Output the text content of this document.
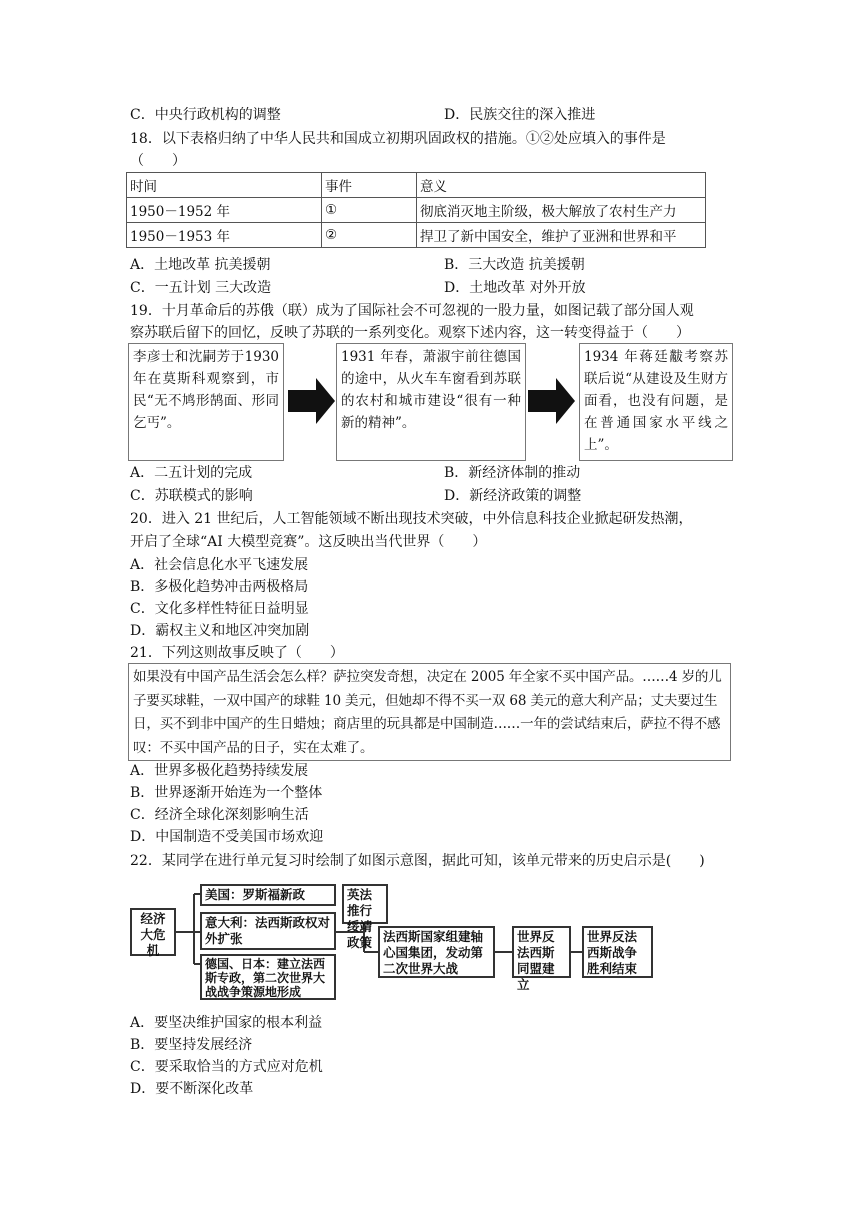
C．中央行政机构的调整	D．民族交往的深入推进
18．以下表格归纳了中华人民共和国成立初期巩固政权的措施。①②处应填入的事件是
（　　）
时间	事件	意义
1950－1952 年	①	彻底消灭地主阶级，极大解放了农村生产力
1950－1953 年	②	捍卫了新中国安全，维护了亚洲和世界和平
A．土地改革 抗美援朝	B．三大改造 抗美援朝
C．一五计划 三大改造	D．土地改革 对外开放
19．十月革命后的苏俄（联）成为了国际社会不可忽视的一股力量，如图记载了部分国人观
察苏联后留下的回忆，反映了苏联的一系列变化。观察下述内容，这一转变得益于（　　）
李彦士和沈嗣芳于1930 年在莫斯科观察到，市民“无不鸠形鹄面、形同乞丐”。
1931 年春，萧淑宇前往德国的途中，从火车车窗看到苏联的农村和城市建设“很有一种新的精神”。
1934 年蒋廷黻考察苏联后说“从建设及生财方面看，也没有问题，是在普通国家水平线之上”。
A．二五计划的完成	B．新经济体制的推动
C．苏联模式的影响	D．新经济政策的调整
20．进入 21 世纪后，人工智能领域不断出现技术突破，中外信息科技企业掀起研发热潮，
开启了全球“AI 大模型竞赛”。这反映出当代世界（　　）
A．社会信息化水平飞速发展
B．多极化趋势冲击两极格局
C．文化多样性特征日益明显
D．霸权主义和地区冲突加剧
21．下列这则故事反映了（　　）
如果没有中国产品生活会怎么样？萨拉突发奇想，决定在 2005 年全家不买中国产品。……4 岁的儿子要买球鞋，一双中国产的球鞋 10 美元，但她却不得不买一双 68 美元的意大利产品；丈夫要过生日，买不到非中国产的生日蜡烛；商店里的玩具都是中国制造……一年的尝试结束后，萨拉不得不感叹：不买中国产品的日子，实在太难了。
A．世界多极化趋势持续发展
B．世界逐渐开始连为一个整体
C．经济全球化深刻影响生活
D．中国制造不受美国市场欢迎
22．某同学在进行单元复习时绘制了如图示意图，据此可知，该单元带来的历史启示是(　　)
经济大危机
美国：罗斯福新政
意大利：法西斯政权对外扩张
德国、日本：建立法西斯专政，第二次世界大战战争策源地形成
英法推行绥靖政策 法西斯国家组建轴心国集团，发动第二次世界大战
世界反法西斯同盟建立
世界反法西斯战争胜利结束
A．要坚决维护国家的根本利益
B．要坚持发展经济
C．要采取恰当的方式应对危机
D．要不断深化改革
